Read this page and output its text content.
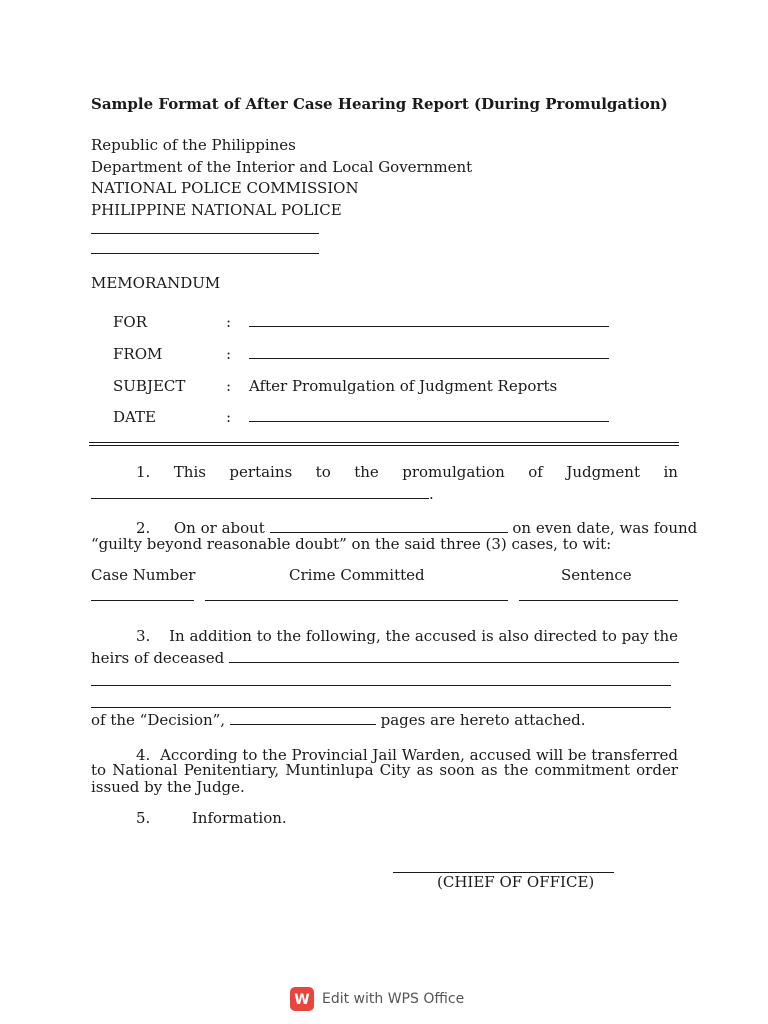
Sample Format of After Case Hearing Report (During Promulgation)
Republic of the Philippines
Department of the Interior and Local Government
NATIONAL POLICE COMMISSION
PHILIPPINE NATIONAL POLICE
MEMORANDUM
FOR	:
FROM	:
SUBJECT	: After Promulgation of Judgment Reports
DATE	:
1. This pertains to the promulgation of Judgment in
.
2. On or about	on even date, was found
“guilty beyond reasonable doubt” on the said three (3) cases, to wit:
Case Number	Crime Committed	Sentence
3. In addition to the following, the accused is also directed to pay the
heirs of deceased
of the “Decision”,	pages are hereto attached.
4. According to the Provincial Jail Warden, accused will be transferred
to National Penitentiary, Muntinlupa City as soon as the commitment order
issued by the Judge.
5.	Information.
(CHIEF OF OFFICE)
W Edit with WPS Office
